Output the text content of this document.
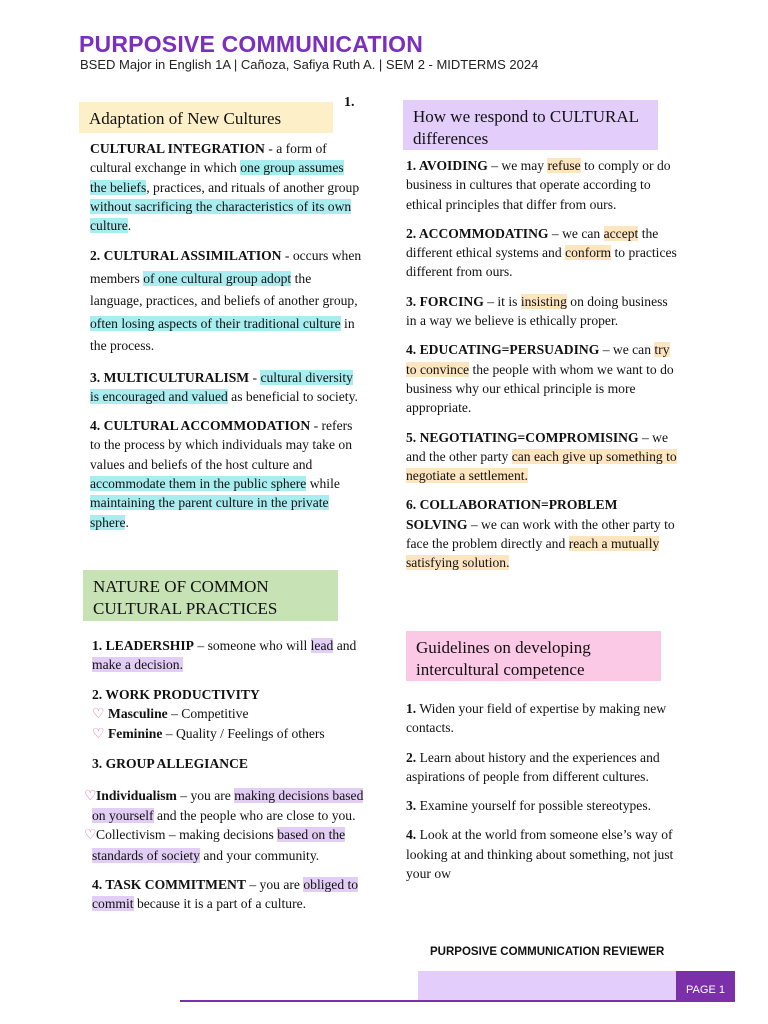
PURPOSIVE COMMUNICATION
BSED Major in English 1A | Cañoza, Safiya Ruth A. | SEM 2 - MIDTERMS 2024
1.
Adaptation of New Cultures

CULTURAL INTEGRATION - a form of cultural exchange in which one group assumes the beliefs, practices, and rituals of another group without sacrificing the characteristics of its own culture.

2. CULTURAL ASSIMILATION - occurs when members of one cultural group adopt the language, practices, and beliefs of another group, often losing aspects of their traditional culture in the process.

3. MULTICULTURALISM - cultural diversity is encouraged and valued as beneficial to society.

4. CULTURAL ACCOMMODATION - refers to the process by which individuals may take on values and beliefs of the host culture and accommodate them in the public sphere while maintaining the parent culture in the private sphere.

NATURE OF COMMON CULTURAL PRACTICES

1. LEADERSHIP – someone who will lead and make a decision.

2. WORK PRODUCTIVITY
♡ Masculine – Competitive
♡ Feminine – Quality / Feelings of others

3. GROUP ALLEGIANCE

♡Individualism – you are making decisions based on yourself and the people who are close to you.

♡Collectivism – making decisions based on the standards of society and your community.

4. TASK COMMITMENT – you are obliged to commit because it is a part of a culture.

How we respond to CULTURAL differences

1. AVOIDING – we may refuse to comply or do business in cultures that operate according to ethical principles that differ from ours.

2. ACCOMMODATING – we can accept the different ethical systems and conform to practices different from ours.

3. FORCING – it is insisting on doing business in a way we believe is ethically proper.

4. EDUCATING=PERSUADING – we can try to convince the people with whom we want to do business why our ethical principle is more appropriate.

5. NEGOTIATING=COMPROMISING – we and the other party can each give up something to negotiate a settlement.

6. COLLABORATION=PROBLEM SOLVING – we can work with the other party to face the problem directly and reach a mutually satisfying solution.

Guidelines on developing intercultural competence

1. Widen your field of expertise by making new contacts.

2. Learn about history and the experiences and aspirations of people from different cultures.

3. Examine yourself for possible stereotypes.

4. Look at the world from someone else’s way of looking at and thinking about something, not just your ow

PURPOSIVE COMMUNICATION REVIEWER
PAGE 1
